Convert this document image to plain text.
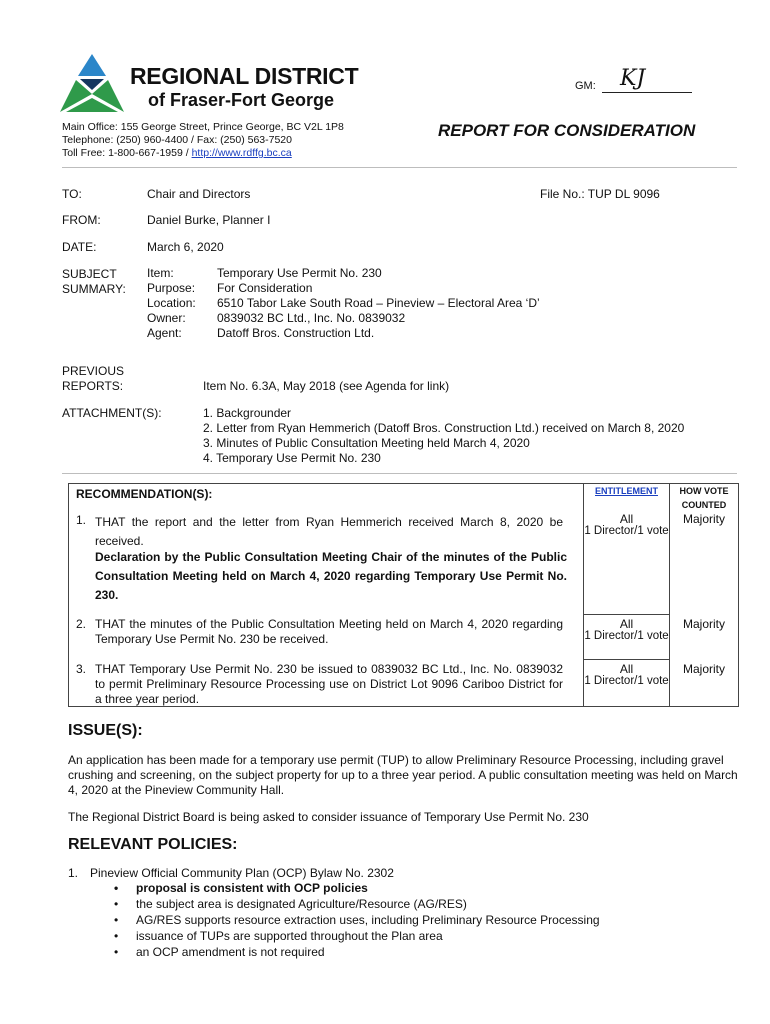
REGIONAL DISTRICT
of Fraser-Fort George
Main Office: 155 George Street, Prince George, BC V2L 1P8
Telephone: (250) 960-4400 / Fax: (250) 563-7520
Toll Free: 1-800-667-1959 / http://www.rdffg.bc.ca
GM: KJ
REPORT FOR CONSIDERATION
TO:	Chair and Directors	File No.: TUP DL 9096
FROM:	Daniel Burke, Planner I
DATE:	March 6, 2020
SUBJECT
SUMMARY:
Item:	Temporary Use Permit No. 230
Purpose: For Consideration
Location: 6510 Tabor Lake South Road – Pineview – Electoral Area ‘D’
Owner:	0839032 BC Ltd., Inc. No. 0839032
Agent:	Datoff Bros. Construction Ltd.
PREVIOUS
REPORTS:	Item No. 6.3A, May 2018 (see Agenda for link)
ATTACHMENT(S):	1. Backgrounder
2. Letter from Ryan Hemmerich (Datoff Bros. Construction Ltd.) received on March 8, 2020
3. Minutes of Public Consultation Meeting held March 4, 2020
4. Temporary Use Permit No. 230
RECOMMENDATION(S):	ENTITLEMENT	HOW VOTE
COUNTED
1. THAT the report and the letter from Ryan Hemmerich received March 8, 2020 be received.
Declaration by the Public Consultation Meeting Chair of the minutes of the Public Consultation Meeting held on March 4, 2020 regarding Temporary Use Permit No. 230.
All
1 Director/1 vote
Majority
2. THAT the minutes of the Public Consultation Meeting held on March 4, 2020 regarding Temporary Use Permit No. 230 be received.
All
1 Director/1 vote
Majority
3. THAT Temporary Use Permit No. 230 be issued to 0839032 BC Ltd., Inc. No. 0839032 to permit Preliminary Resource Processing use on District Lot 9096 Cariboo District for a three year period.
All
1 Director/1 vote
Majority
ISSUE(S):
An application has been made for a temporary use permit (TUP) to allow Preliminary Resource Processing, including gravel crushing and screening, on the subject property for up to a three year period. A public consultation meeting was held on March 4, 2020 at the Pineview Community Hall.
The Regional District Board is being asked to consider issuance of Temporary Use Permit No. 230
RELEVANT POLICIES:
1. Pineview Official Community Plan (OCP) Bylaw No. 2302
• proposal is consistent with OCP policies
• the subject area is designated Agriculture/Resource (AG/RES)
• AG/RES supports resource extraction uses, including Preliminary Resource Processing
• issuance of TUPs are supported throughout the Plan area
• an OCP amendment is not required
